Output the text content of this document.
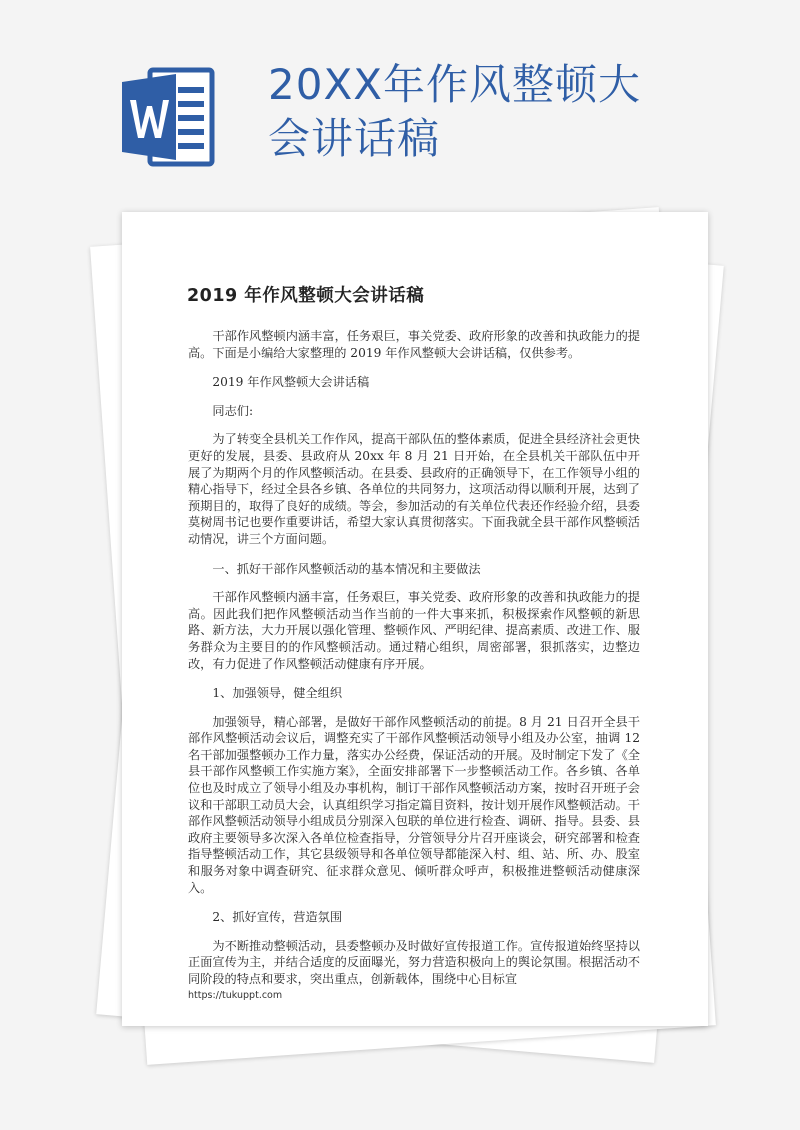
20XX年作风整顿大
会讲话稿
2019 年作风整顿大会讲话稿

干部作风整顿内涵丰富，任务艰巨，事关党委、政府形象的改善和执政能力的提高。下面是小编给大家整理的 2019 年作风整顿大会讲话稿，仅供参考。

2019 年作风整顿大会讲话稿

同志们:

为了转变全县机关工作作风，提高干部队伍的整体素质，促进全县经济社会更快更好的发展，县委、县政府从 20xx 年 8 月 21 日开始，在全县机关干部队伍中开展了为期两个月的作风整顿活动。在县委、县政府的正确领导下，在工作领导小组的精心指导下，经过全县各乡镇、各单位的共同努力，这项活动得以顺利开展，达到了预期目的，取得了良好的成绩。等会，参加活动的有关单位代表还作经验介绍，县委莫树周书记也要作重要讲话，希望大家认真贯彻落实。下面我就全县干部作风整顿活动情况，讲三个方面问题。

一、抓好干部作风整顿活动的基本情况和主要做法

干部作风整顿内涵丰富，任务艰巨，事关党委、政府形象的改善和执政能力的提高。因此我们把作风整顿活动当作当前的一件大事来抓，积极探索作风整顿的新思路、新方法，大力开展以强化管理、整顿作风、严明纪律、提高素质、改进工作、服务群众为主要目的的作风整顿活动。通过精心组织，周密部署，狠抓落实，边整边改，有力促进了作风整顿活动健康有序开展。

1、加强领导，健全组织

加强领导，精心部署，是做好干部作风整顿活动的前提。8 月 21 日召开全县干部作风整顿活动会议后，调整充实了干部作风整顿活动领导小组及办公室，抽调 12 名干部加强整顿办工作力量，落实办公经费，保证活动的开展。及时制定下发了《全县干部作风整顿工作实施方案》，全面安排部署下一步整顿活动工作。各乡镇、各单位也及时成立了领导小组及办事机构，制订干部作风整顿活动方案，按时召开班子会议和干部职工动员大会，认真组织学习指定篇目资料，按计划开展作风整顿活动。干部作风整顿活动领导小组成员分别深入包联的单位进行检查、调研、指导。县委、县政府主要领导多次深入各单位检查指导，分管领导分片召开座谈会，研究部署和检查指导整顿活动工作，其它县级领导和各单位领导都能深入村、组、站、所、办、股室和服务对象中调查研究、征求群众意见、倾听群众呼声，积极推进整顿活动健康深入。

2、抓好宣传，营造氛围

为不断推动整顿活动，县委整顿办及时做好宣传报道工作。宣传报道始终坚持以正面宣传为主，并结合适度的反面曝光，努力营造积极向上的舆论氛围。根据活动不同阶段的特点和要求，突出重点，创新载体，围绕中心目标宣

https://tukuppt.com
